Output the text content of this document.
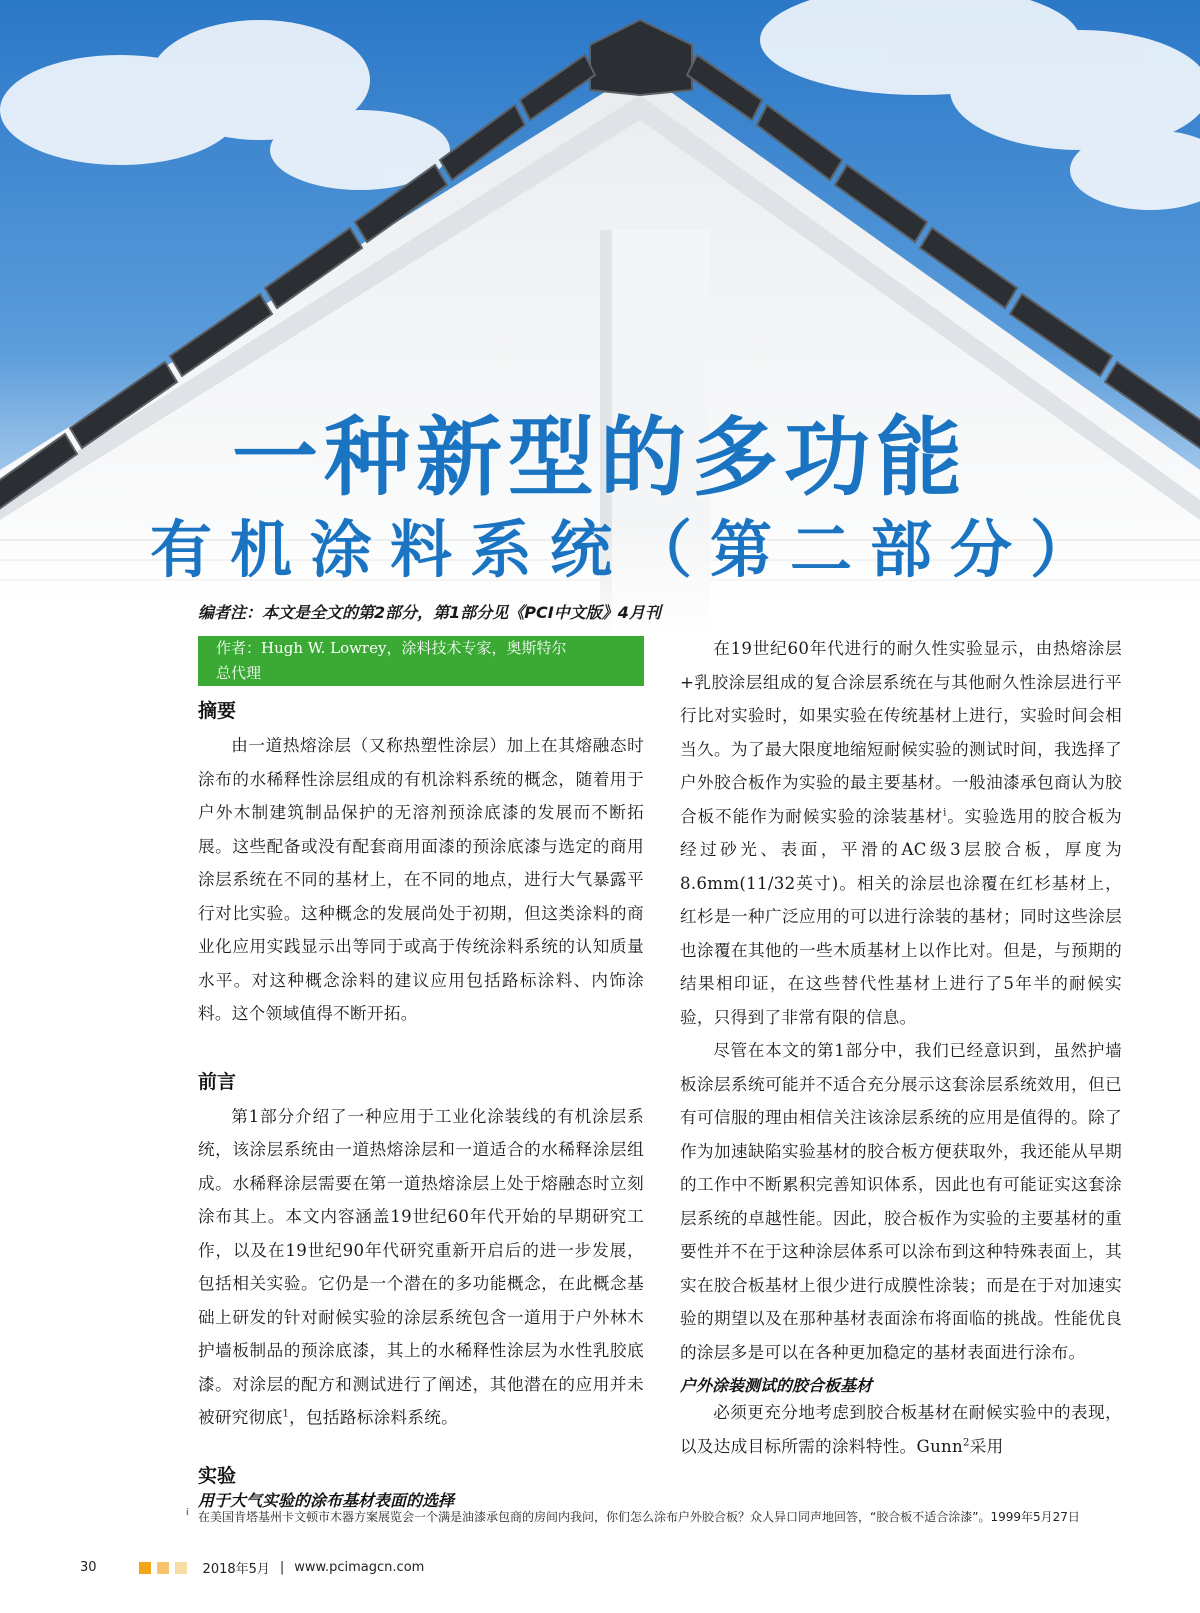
一种新型的多功能
有机涂料系统（第二部分）
编者注：本文是全文的第2部分，第1部分见《PCI中文版》4月刊
作者：Hugh W. Lowrey，涂料技术专家，奥斯特尔
总代理
摘要

由一道热熔涂层（又称热塑性涂层）加上在其熔融态时涂布的水稀释性涂层组成的有机涂料系统的概念，随着用于户外木制建筑制品保护的无溶剂预涂底漆的发展而不断拓展。这些配备或没有配套商用面漆的预涂底漆与选定的商用涂层系统在不同的基材上，在不同的地点，进行大气暴露平行对比实验。这种概念的发展尚处于初期，但这类涂料的商业化应用实践显示出等同于或高于传统涂料系统的认知质量水平。对这种概念涂料的建议应用包括路标涂料、内饰涂料。这个领域值得不断开拓。

前言

第1部分介绍了一种应用于工业化涂装线的有机涂层系统，该涂层系统由一道热熔涂层和一道适合的水稀释涂层组成。水稀释涂层需要在第一道热熔涂层上处于熔融态时立刻涂布其上。本文内容涵盖19世纪60年代开始的早期研究工作，以及在19世纪90年代研究重新开启后的进一步发展，包括相关实验。它仍是一个潜在的多功能概念，在此概念基础上研发的针对耐候实验的涂层系统包含一道用于户外林木护墙板制品的预涂底漆，其上的水稀释性涂层为水性乳胶底漆。对涂层的配方和测试进行了阐述，其他潜在的应用并未被研究彻底$^1$，包括路标涂料系统。

实验
用于大气实验的涂布基材表面的选择

在19世纪60年代进行的耐久性实验显示，由热熔涂层+乳胶涂层组成的复合涂层系统在与其他耐久性涂层进行平行比对实验时，如果实验在传统基材上进行，实验时间会相当久。为了最大限度地缩短耐候实验的测试时间，我选择了户外胶合板作为实验的最主要基材。一般油漆承包商认为胶合板不能作为耐候实验的涂装基材$^i$。实验选用的胶合板为经过砂光、表面，平滑的AC级3层胶合板，厚度为8.6mm(11/32英寸)。相关的涂层也涂覆在红杉基材上，红杉是一种广泛应用的可以进行涂装的基材；同时这些涂层也涂覆在其他的一些木质基材上以作比对。但是，与预期的结果相印证，在这些替代性基材上进行了5年半的耐候实验，只得到了非常有限的信息。

尽管在本文的第1部分中，我们已经意识到，虽然护墙板涂层系统可能并不适合充分展示这套涂层系统效用，但已有可信服的理由相信关注该涂层系统的应用是值得的。除了作为加速缺陷实验基材的胶合板方便获取外，我还能从早期的工作中不断累积完善知识体系，因此也有可能证实这套涂层系统的卓越性能。因此，胶合板作为实验的主要基材的重要性并不在于这种涂层体系可以涂布到这种特殊表面上，其实在胶合板基材上很少进行成膜性涂装；而是在于对加速实验的期望以及在那种基材表面涂布将面临的挑战。性能优良的涂层多是可以在各种更加稳定的基材表面进行涂布。

户外涂装测试的胶合板基材

必须更充分地考虑到胶合板基材在耐候实验中的表现，以及达成目标所需的涂料特性。Gunn$^2$采用

i 在美国肯塔基州卡文顿市木器方案展览会一个满是油漆承包商的房间内我问，你们怎么涂布户外胶合板？众人异口同声地回答，“胶合板不适合涂漆”。1999年5月27日
30	2018年5月 | www.pcimagcn.com
